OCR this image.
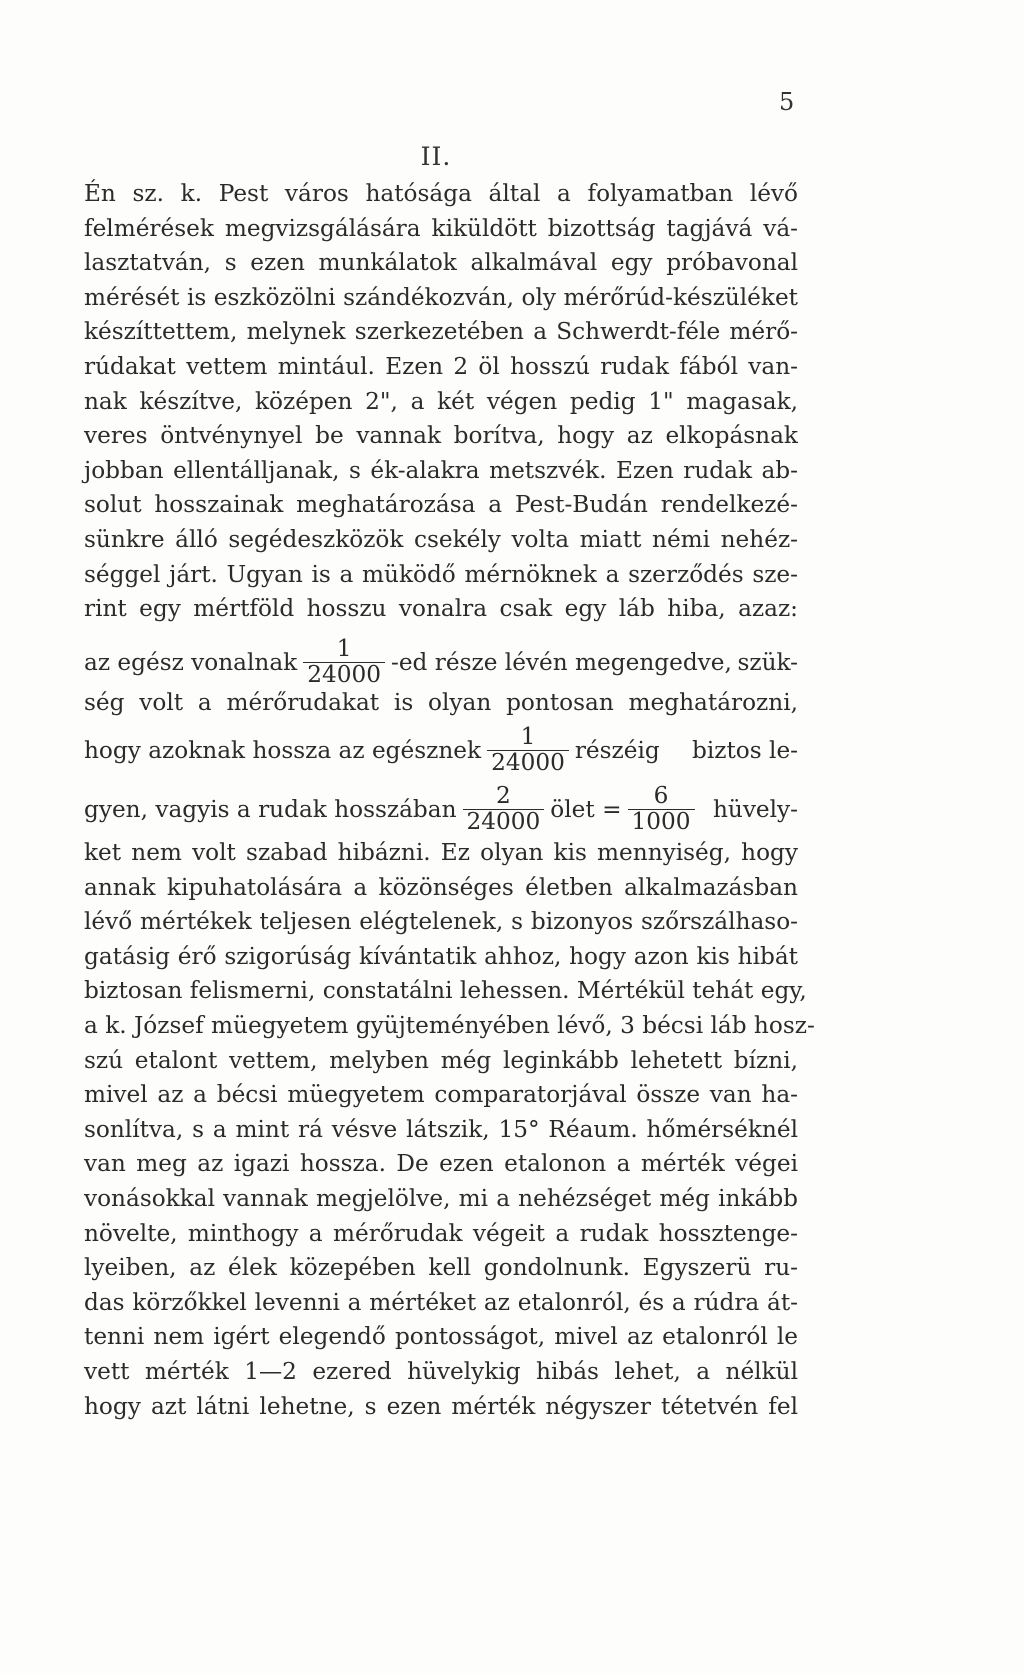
5
II.
Én sz. k. Pest város hatósága által a folyamatban lévő
felmérések megvizsgálására kiküldött bizottság tagjává vá-
lasztatván, s ezen munkálatok alkalmával egy próbavonal
mérését is eszközölni szándékozván, oly mérőrúd-készüléket
készíttettem, melynek szerkezetében a Schwerdt-féle mérő-
rúdakat vettem mintául. Ezen 2 öl hosszú rudak fából van-
nak készítve, középen 2", a két végen pedig 1" magasak,
veres öntvénynyel be vannak borítva, hogy az elkopásnak
jobban ellentálljanak, s ék-alakra metszvék. Ezen rudak ab-
solut hosszainak meghatározása a Pest-Budán rendelkezé-
sünkre álló segédeszközök csekély volta miatt némi nehéz-
séggel járt. Ugyan is a müködő mérnöknek a szerződés sze-
rint egy mértföld hosszu vonalra csak egy láb hiba, azaz:
az egész vonalnak $\frac{1}{24000} -ed$ része lévén megengedve, szük-
ség volt a mérőrudakat is olyan pontosan meghatározni,
hogy azoknak hossza az egésznek $\frac{1}{24000}$ részéig biztos le-
gyen, vagyis a rudak hosszában $\frac{2}{24000}$ ölet = $\frac{6}{1000}$ hüvely-
ket nem volt szabad hibázni. Ez olyan kis mennyiség, hogy
annak kipuhatolására a közönséges életben alkalmazásban
lévő mértékek teljesen elégtelenek, s bizonyos szőrszálhaso-
gatásig érő szigorúság kívántatik ahhoz, hogy azon kis hibát
biztosan felismerni, constatálni lehessen. Mértékül tehát egy,
a k. József müegyetem gyüjteményében lévő, 3 bécsi láb hosz-
szú etalont vettem, melyben még leginkább lehetett bízni,
mivel az a bécsi müegyetem comparatorjával össze van ha-
sonlítva, s a mint rá vésve látszik, 15° Réaum. hőmérséknél
van meg az igazi hossza. De ezen etalonon a mérték végei
vonásokkal vannak megjelölve, mi a nehézséget még inkább
növelte, minthogy a mérőrudak végeit a rudak hossztenge-
lyeiben, az élek közepében kell gondolnunk. Egyszerü ru-
das körzőkkel levenni a mértéket az etalonról, és a rúdra át-
tenni nem igért elegendő pontosságot, mivel az etalonról le
vett mérték 1—2 ezered hüvelykig hibás lehet, a nélkül
hogy azt látni lehetne, s ezen mérték négyszer tétetvén fel
